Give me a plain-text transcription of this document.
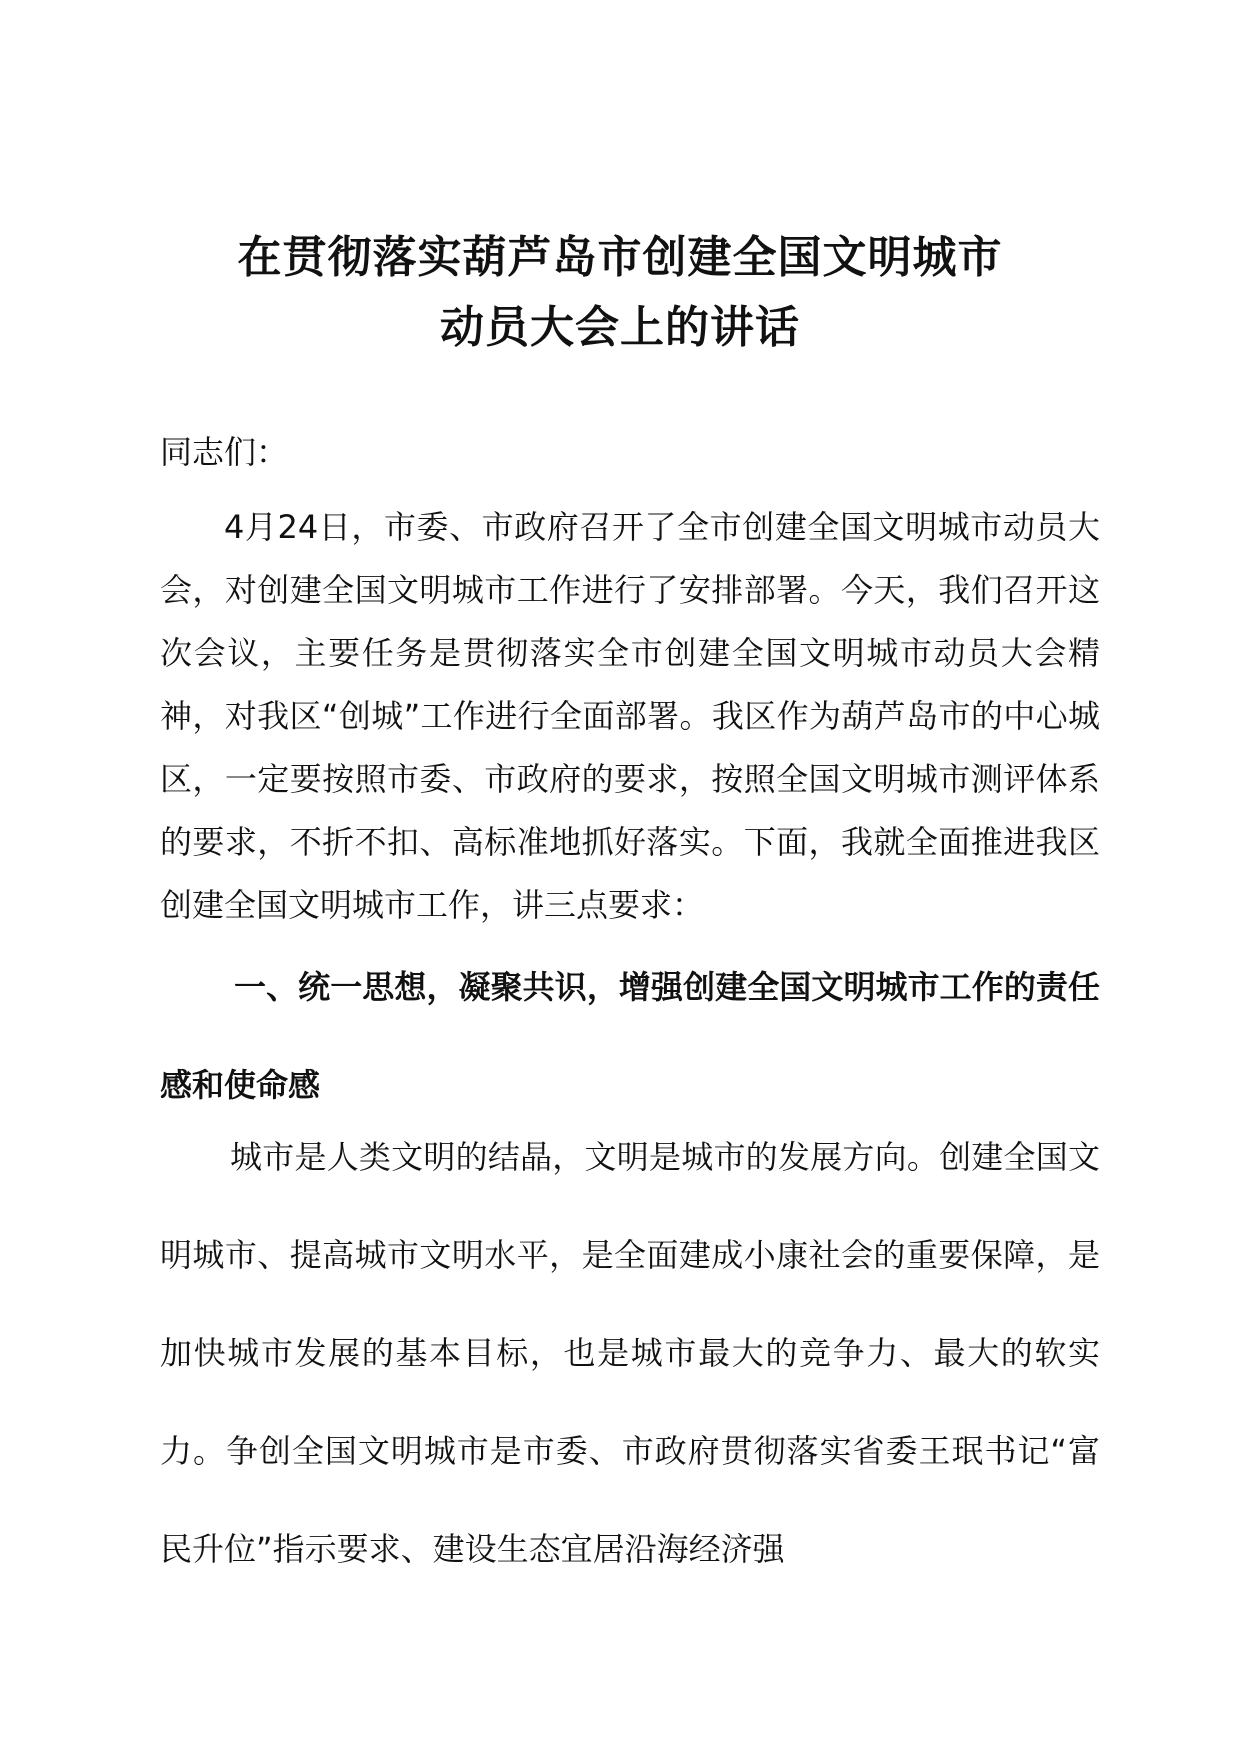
在贯彻落实葫芦岛市创建全国文明城市
动员大会上的讲话
同志们：
4月24日，市委、市政府召开了全市创建全国文明城市动员大会，对创建全国文明城市工作进行了安排部署。今天，我们召开这次会议，主要任务是贯彻落实全市创建全国文明城市动员大会精神，对我区“创城”工作进行全面部署。我区作为葫芦岛市的中心城区，一定要按照市委、市政府的要求，按照全国文明城市测评体系的要求，不折不扣、高标准地抓好落实。下面，我就全面推进我区创建全国文明城市工作，讲三点要求：
一、统一思想，凝聚共识，增强创建全国文明城市工作的责任感和使命感
城市是人类文明的结晶，文明是城市的发展方向。创建全国文明城市、提高城市文明水平，是全面建成小康社会的重要保障，是加快城市发展的基本目标，也是城市最大的竞争力、最大的软实力。争创全国文明城市是市委、市政府贯彻落实省委王珉书记“富民升位”指示要求、建设生态宜居沿海经济强
